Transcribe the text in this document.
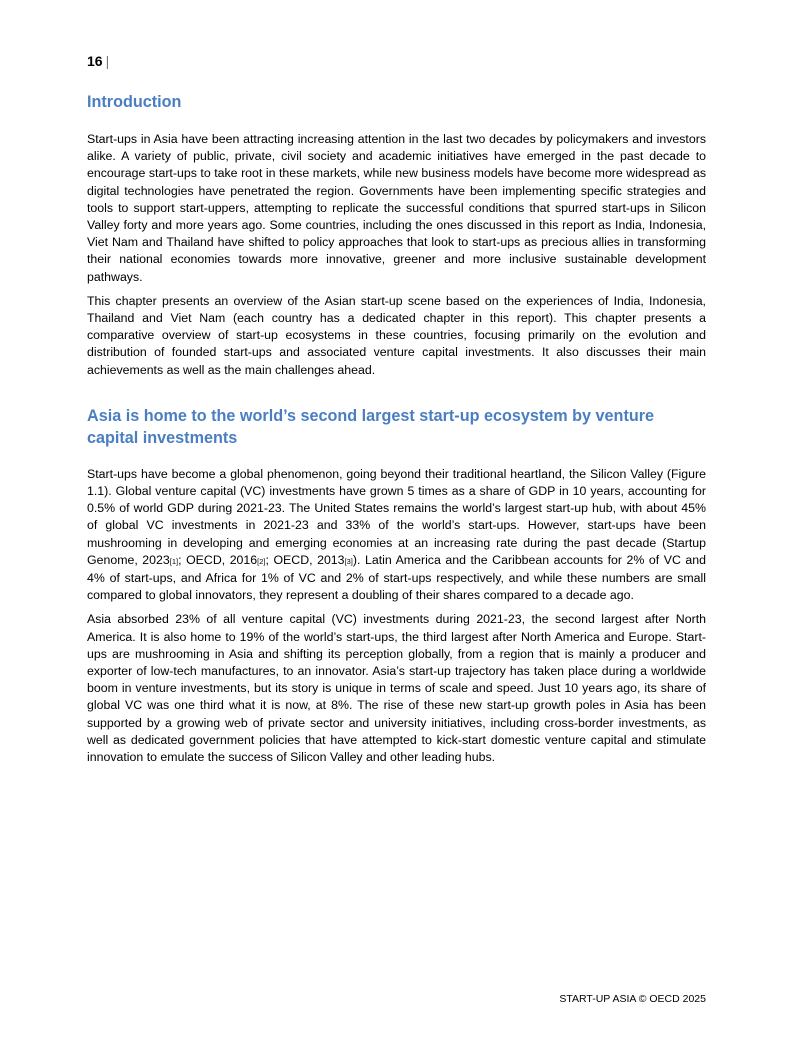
16 |
Introduction

Start-ups in Asia have been attracting increasing attention in the last two decades by policymakers and investors alike. A variety of public, private, civil society and academic initiatives have emerged in the past decade to encourage start-ups to take root in these markets, while new business models have become more widespread as digital technologies have penetrated the region. Governments have been implementing specific strategies and tools to support start-uppers, attempting to replicate the successful conditions that spurred start-ups in Silicon Valley forty and more years ago. Some countries, including the ones discussed in this report as India, Indonesia, Viet Nam and Thailand have shifted to policy approaches that look to start-ups as precious allies in transforming their national economies towards more innovative, greener and more inclusive sustainable development pathways.

This chapter presents an overview of the Asian start-up scene based on the experiences of India, Indonesia, Thailand and Viet Nam (each country has a dedicated chapter in this report). This chapter presents a comparative overview of start-up ecosystems in these countries, focusing primarily on the evolution and distribution of founded start-ups and associated venture capital investments. It also discusses their main achievements as well as the main challenges ahead.

Asia is home to the world’s second largest start-up ecosystem by venture capital investments

Start-ups have become a global phenomenon, going beyond their traditional heartland, the Silicon Valley (Figure 1.1). Global venture capital (VC) investments have grown 5 times as a share of GDP in 10 years, accounting for 0.5% of world GDP during 2021-23. The United States remains the world’s largest start-up hub, with about 45% of global VC investments in 2021-23 and 33% of the world’s start-ups. However, start-ups have been mushrooming in developing and emerging economies at an increasing rate during the past decade (Startup Genome, 2023[1]; OECD, 2016[2]; OECD, 2013[3]). Latin America and the Caribbean accounts for 2% of VC and 4% of start-ups, and Africa for 1% of VC and 2% of start-ups respectively, and while these numbers are small compared to global innovators, they represent a doubling of their shares compared to a decade ago.

Asia absorbed 23% of all venture capital (VC) investments during 2021-23, the second largest after North America. It is also home to 19% of the world’s start-ups, the third largest after North America and Europe. Start-ups are mushrooming in Asia and shifting its perception globally, from a region that is mainly a producer and exporter of low-tech manufactures, to an innovator. Asia’s start-up trajectory has taken place during a worldwide boom in venture investments, but its story is unique in terms of scale and speed. Just 10 years ago, its share of global VC was one third what it is now, at 8%. The rise of these new start-up growth poles in Asia has been supported by a growing web of private sector and university initiatives, including cross-border investments, as well as dedicated government policies that have attempted to kick-start domestic venture capital and stimulate innovation to emulate the success of Silicon Valley and other leading hubs.

START-UP ASIA © OECD 2025
